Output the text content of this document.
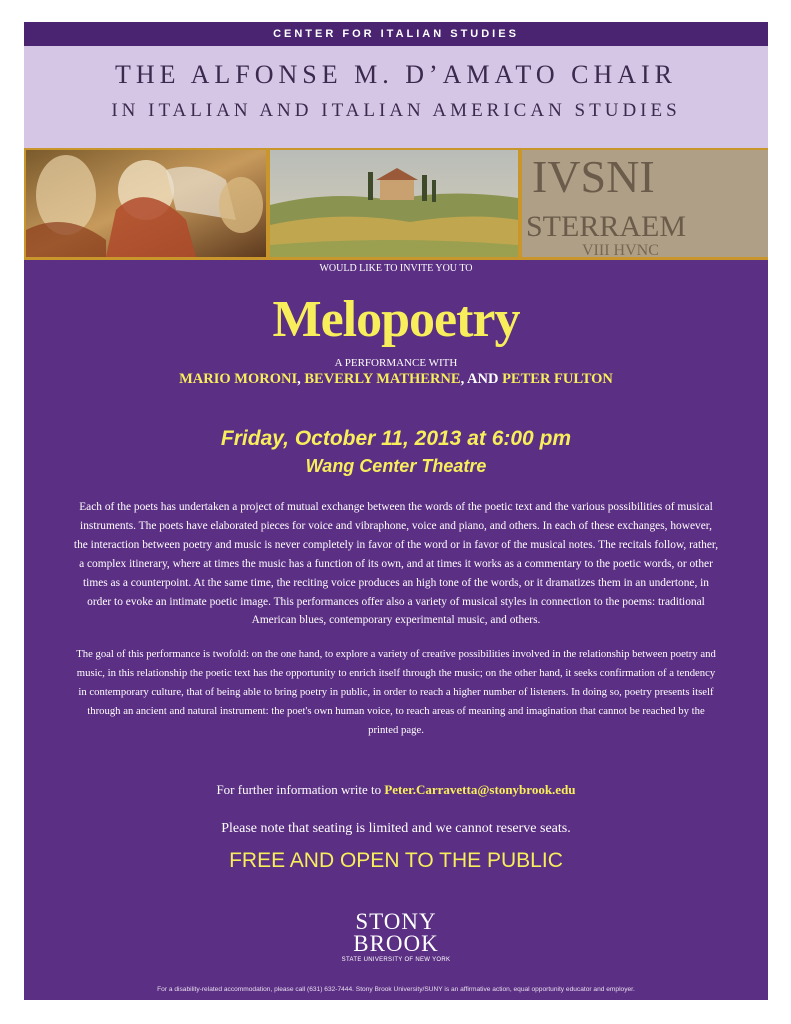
CENTER FOR ITALIAN STUDIES
THE ALFONSE M. D’AMATO CHAIR
IN ITALIAN AND ITALIAN AMERICAN STUDIES
IVSNI
STERRAEM
VIII HVNC
WOULD LIKE TO INVITE YOU TO
Melopoetry
A PERFORMANCE WITH
MARIO MORONI, BEVERLY MATHERNE, AND PETER FULTON
Friday, October 11, 2013 at 6:00 pm
Wang Center Theatre
Each of the poets has undertaken a project of mutual exchange between the words of the poetic text and the various possibilities of musical instruments. The poets have elaborated pieces for voice and vibraphone, voice and piano, and others. In each of these exchanges, however, the interaction between poetry and music is never completely in favor of the word or in favor of the musical notes. The recitals follow, rather, a complex itinerary, where at times the music has a function of its own, and at times it works as a commentary to the poetic words, or other times as a counterpoint. At the same time, the reciting voice produces an high tone of the words, or it dramatizes them in an undertone, in order to evoke an intimate poetic image. This performances offer also a variety of musical styles in connection to the poems: traditional American blues, contemporary experimental music, and others.
The goal of this performance is twofold: on the one hand, to explore a variety of creative possibilities involved in the relationship between poetry and music, in this relationship the poetic text has the opportunity to enrich itself through the music; on the other hand, it seeks confirmation of a tendency in contemporary culture, that of being able to bring poetry in public, in order to reach a higher number of listeners. In doing so, poetry presents itself through an ancient and natural instrument: the poet's own human voice, to reach areas of meaning and imagination that cannot be reached by the printed page.
For further information write to Peter.Carravetta@stonybrook.edu
Please note that seating is limited and we cannot reserve seats.
FREE AND OPEN TO THE PUBLIC
STONY
BROOK
STATE UNIVERSITY OF NEW YORK
For a disability-related accommodation, please call (631) 632-7444. Stony Brook University/SUNY is an affirmative action, equal opportunity educator and employer.
